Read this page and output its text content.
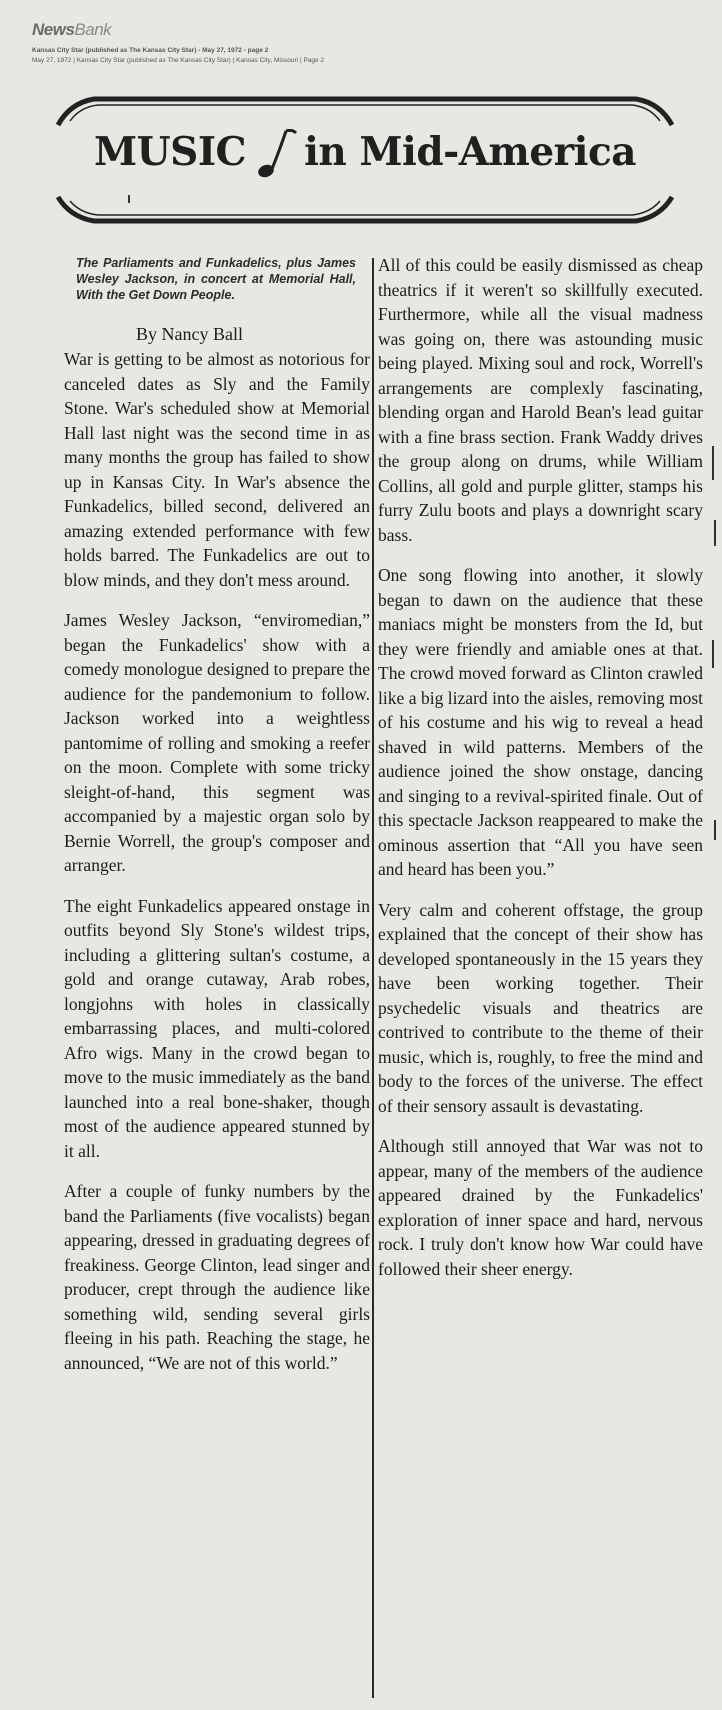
NewsBank
Kansas City Star (published as The Kansas City Star) - May 27, 1972 - page 2
May 27, 1972 | Kansas City Star (published as The Kansas City Star) | Kansas City, Missouri | Page 2
MUSIC in Mid-America
The Parliaments and Funkadelics, plus James Wesley Jackson, in concert at Memorial Hall, With the Get Down People.
By Nancy Ball

War is getting to be almost as notorious for canceled dates as Sly and the Family Stone. War's scheduled show at Memorial Hall last night was the second time in as many months the group has failed to show up in Kansas City. In War's absence the Funkadelics, billed second, delivered an amazing extended performance with few holds barred. The Funkadelics are out to blow minds, and they don't mess around.

James Wesley Jackson, “enviromedian,” began the Funkadelics' show with a comedy monologue designed to prepare the audience for the pandemonium to follow. Jackson worked into a weightless pantomime of rolling and smoking a reefer on the moon. Complete with some tricky sleight-of-hand, this segment was accompanied by a majestic organ solo by Bernie Worrell, the group's composer and arranger.

The eight Funkadelics appeared onstage in outfits beyond Sly Stone's wildest trips, including a glittering sultan's costume, a gold and orange cutaway, Arab robes, longjohns with holes in classically embarrassing places, and multi-colored Afro wigs. Many in the crowd began to move to the music immediately as the band launched into a real bone-shaker, though most of the audience appeared stunned by it all.

After a couple of funky numbers by the band the Parliaments (five vocalists) began appearing, dressed in graduating degrees of freakiness. George Clinton, lead singer and producer, crept through the audience like something wild, sending several girls fleeing in his path. Reaching the stage, he announced, “We are not of this world.”

All of this could be easily dismissed as cheap theatrics if it weren't so skillfully executed. Furthermore, while all the visual madness was going on, there was astounding music being played. Mixing soul and rock, Worrell's arrangements are complexly fascinating, blending organ and Harold Bean's lead guitar with a fine brass section. Frank Waddy drives the group along on drums, while William Collins, all gold and purple glitter, stamps his furry Zulu boots and plays a downright scary bass.

One song flowing into another, it slowly began to dawn on the audience that these maniacs might be monsters from the Id, but they were friendly and amiable ones at that. The crowd moved forward as Clinton crawled like a big lizard into the aisles, removing most of his costume and his wig to reveal a head shaved in wild patterns. Members of the audience joined the show onstage, dancing and singing to a revival-spirited finale. Out of this spectacle Jackson reappeared to make the ominous assertion that “All you have seen and heard has been you.”

Very calm and coherent offstage, the group explained that the concept of their show has developed spontaneously in the 15 years they have been working together. Their psychedelic visuals and theatrics are contrived to contribute to the theme of their music, which is, roughly, to free the mind and body to the forces of the universe. The effect of their sensory assault is devastating.

Although still annoyed that War was not to appear, many of the members of the audience appeared drained by the Funkadelics' exploration of inner space and hard, nervous rock. I truly don't know how War could have followed their sheer energy.
